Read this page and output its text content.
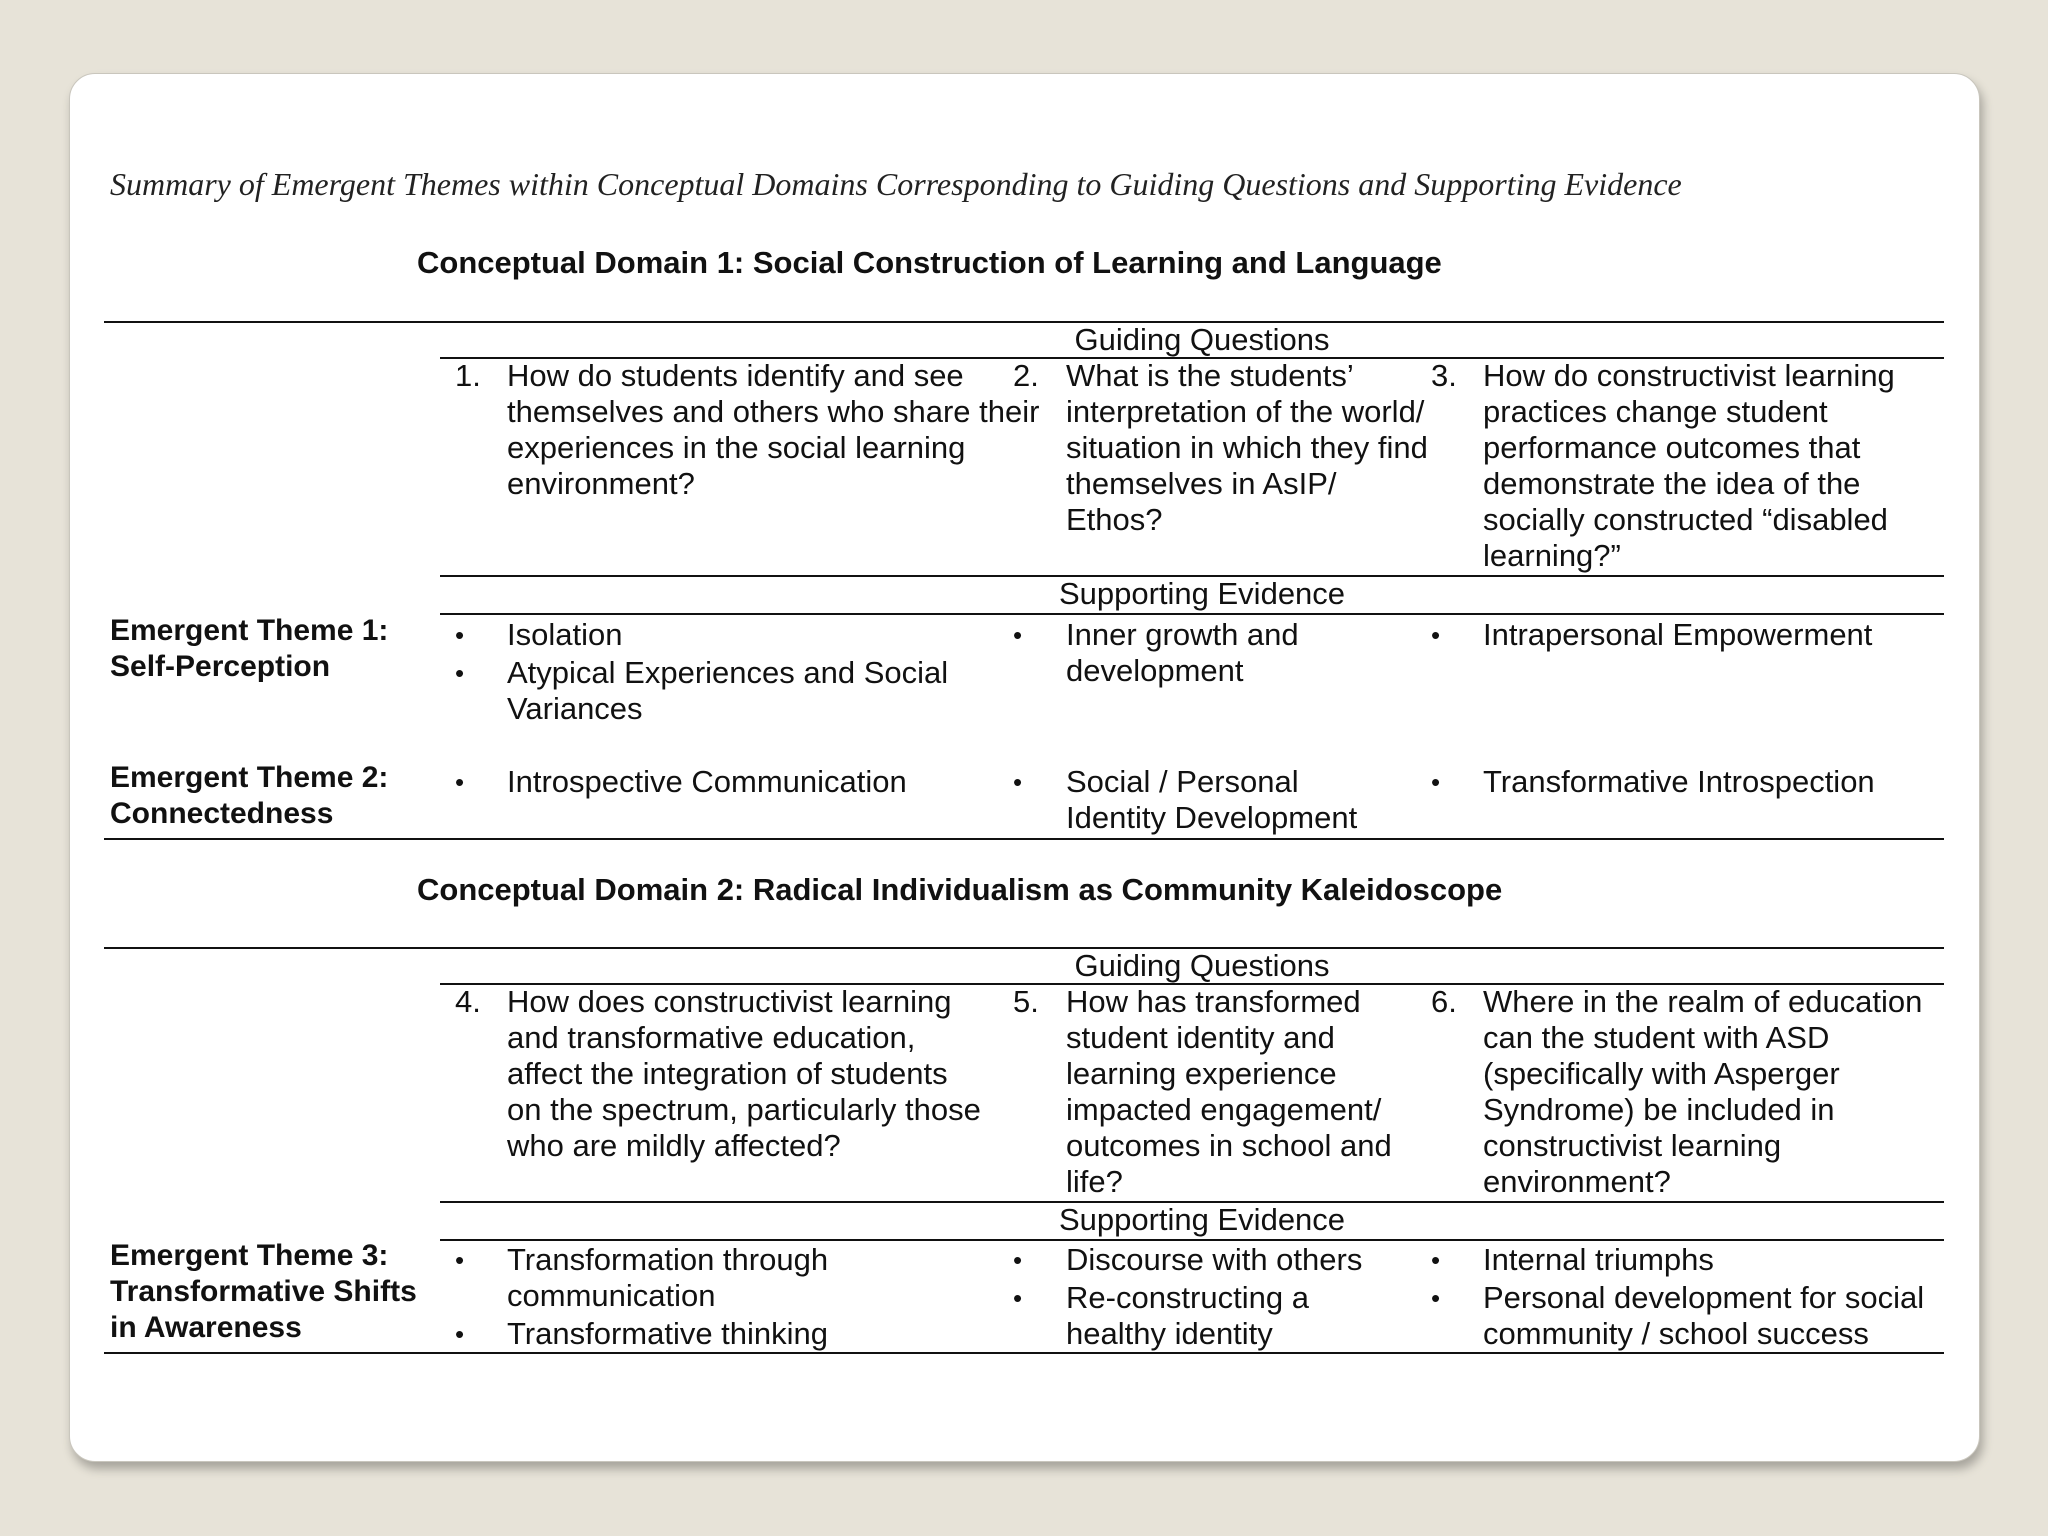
Summary of Emergent Themes within Conceptual Domains Corresponding to Guiding Questions and Supporting Evidence
Conceptual Domain 1: Social Construction of Learning and Language
Guiding Questions
1. How do students identify and see themselves and others who share their experiences in the social learning environment?
2. What is the students’ interpretation of the world/ situation in which they find themselves in AsIP/ Ethos?
3. How do constructivist learning practices change student performance outcomes that demonstrate the idea of the socially constructed “disabled learning?”
Supporting Evidence
Emergent Theme 1: Self-Perception
• Isolation
• Atypical Experiences and Social Variances
• Inner growth and development
• Intrapersonal Empowerment
Emergent Theme 2: Connectedness
• Introspective Communication	• Social / Personal Identity Development
• Transformative Introspection
Conceptual Domain 2: Radical Individualism as Community Kaleidoscope
Guiding Questions
4. How does constructivist learning and transformative education, affect the integration of students on the spectrum, particularly those who are mildly affected?
5. How has transformed student identity and learning experience impacted engagement/ outcomes in school and life?
6. Where in the realm of education can the student with ASD (specifically with Asperger Syndrome) be included in constructivist learning environment?
Supporting Evidence
Emergent Theme 3: Transformative Shifts in Awareness
• Transformation through communication
• Transformative thinking
• Discourse with others
• Re-constructing a healthy identity
• Internal triumphs
• Personal development for social community / school success
